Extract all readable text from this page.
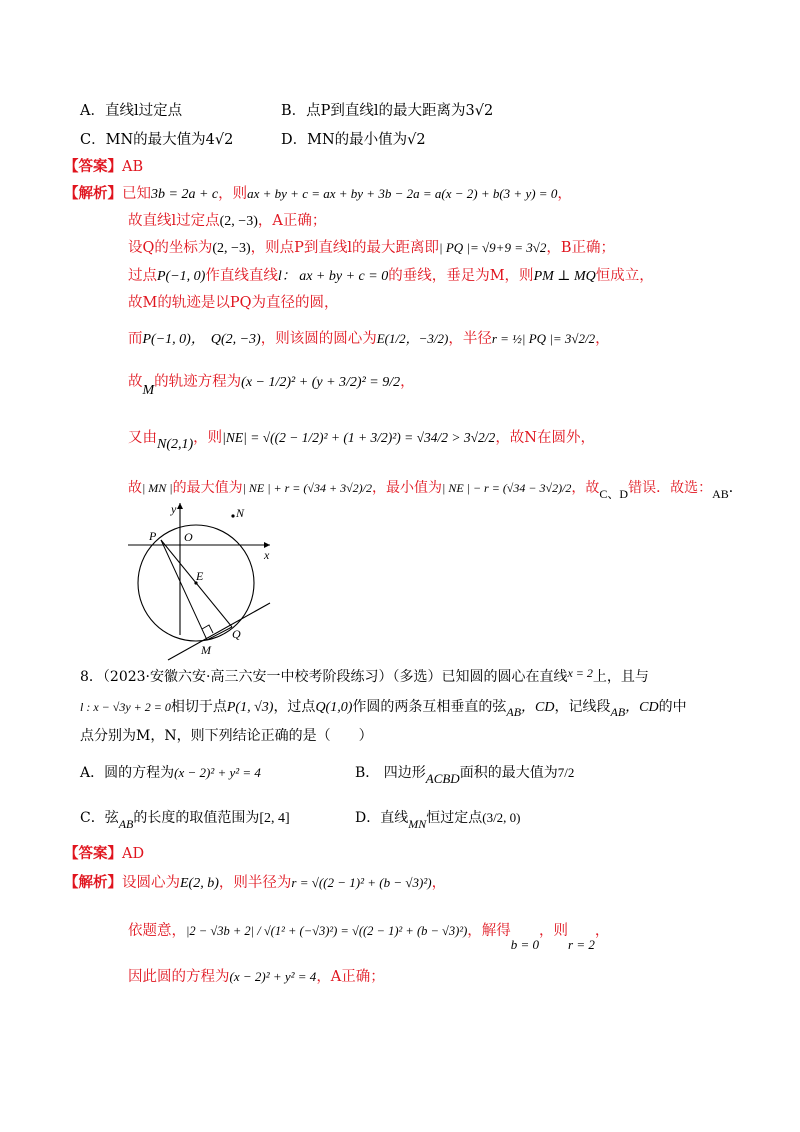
A．直线l过定点	B．点P到直线l的最大距离为3√2
C．MN的最大值为4√2	D．MN的最小值为√2
【答案】AB
【解析】已知3b = 2a + c，则ax + by + c = ax + by + 3b − 2a = a(x − 2) + b(3 + y) = 0，
故直线l过定点(2, −3)，A正确；
设Q的坐标为(2, −3)，则点P到直线l的最大距离即| PQ |= √9+9 = 3√2，B正确；
过点P(−1, 0)作直线直线l： ax + by + c = 0的垂线，垂足为M，则PM ⊥ MQ恒成立，
故M的轨迹是以PQ为直径的圆，
而P(−1, 0)， Q(2, −3)，则该圆的圆心为E(1/2，−3/2)，半径r = ½| PQ |= 3√2/2，
故M的轨迹方程为(x − 1/2)² + (y + 3/2)² = 9/2，
又由N(2,1)，则|NE| = √((2 − 1/2)² + (1 + 3/2)²) = √34/2 > 3√2/2，故N在圆外，
故| MN |的最大值为| NE | + r = (√34 + 3√2)/2，最小值为| NE | − r = (√34 − 3√2)/2，故C、D错误．故选：AB．
y
x
P O
N
E
M
Q
8．（2023·安徽六安·高三六安一中校考阶段练习）（多选）已知圆的圆心在直线x = 2上，且与
l : x − √3y + 2 = 0相切于点P(1, √3)，过点Q(1,0)作圆的两条互相垂直的弦AB，CD，记线段AB，CD的中
点分别为M，N，则下列结论正确的是（　　）
A．圆的方程为(x − 2)² + y² = 4	B． 四边形ACBD面积的最大值为7/2
C．弦AB的长度的取值范围为[2, 4]	D．直线MN恒过定点(3/2, 0)
【答案】AD
【解析】设圆心为E(2, b)，则半径为r = √((2 − 1)² + (b − √3)²)，
依题意，|2 − √3b + 2| / √(1² + (−√3)²) = √((2 − 1)² + (b − √3)²)，解得b = 0，则r = 2，
因此圆的方程为(x − 2)² + y² = 4，A正确；
